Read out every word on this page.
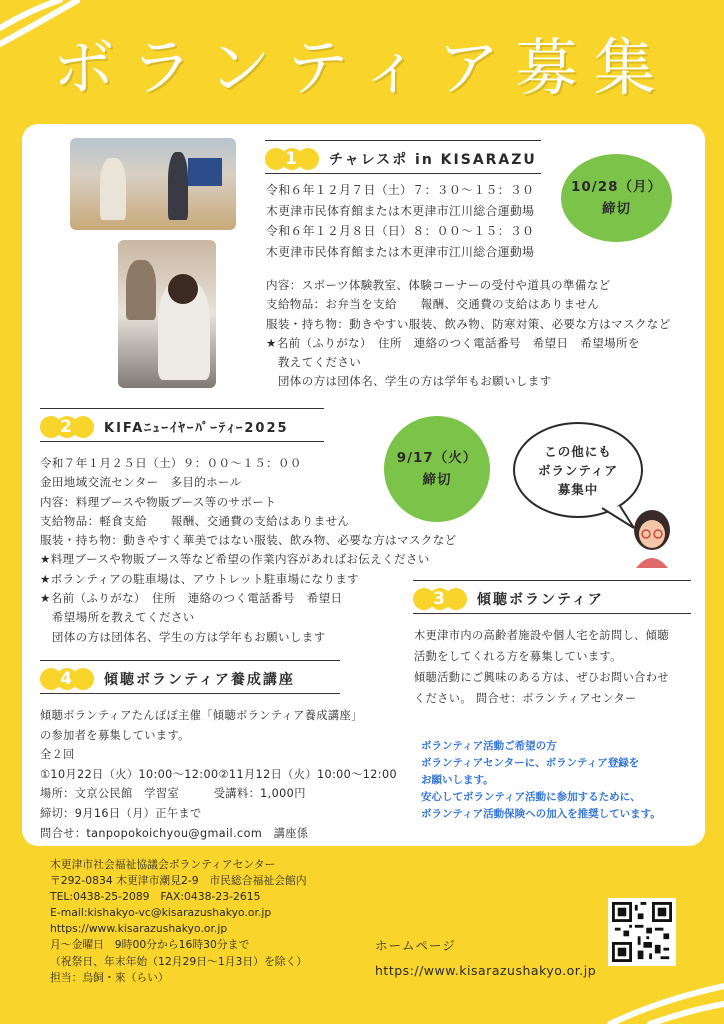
ボランティア募集
1	チャレスポ in KISARAZU
令和６年１２月７日（土）７：３０～１５：３０
木更津市民体育館または木更津市江川総合運動場
令和６年１２月８日（日）８：００～１５：３０
木更津市民体育館または木更津市江川総合運動場
10/28（月）
締切
内容：スポーツ体験教室、体験コーナーの受付や道具の準備など
支給物品：お弁当を支給　　報酬、交通費の支給はありません
服装・持ち物：動きやすい服装、飲み物、防寒対策、必要な方はマスクなど
★名前（ふりがな）　住所　連絡のつく電話番号　希望日　希望場所を
　教えてください
　団体の方は団体名、学生の方は学年もお願いします
2	KIFAﾆｭｰｲﾔｰﾊﾟｰﾃｨｰ2025
9/17（火）
締切
令和７年１月２５日（土）９：００～１５：００
金田地域交流センター　多目的ホール
内容：料理ブースや物販ブース等のサポート
支給物品：軽食支給　　報酬、交通費の支給はありません
服装・持ち物：動きやすく華美ではない服装、飲み物、必要な方はマスクなど
★料理ブースや物販ブース等など希望の作業内容があればお伝えください
★ボランティアの駐車場は、アウトレット駐車場になります
★名前（ふりがな）　住所　連絡のつく電話番号　希望日
　希望場所を教えてください
　団体の方は団体名、学生の方は学年もお願いします
この他にも
ボランティア
募集中
3	傾聴ボランティア
木更津市内の高齢者施設や個人宅を訪問し、傾聴
活動をしてくれる方を募集しています。
傾聴活動にご興味のある方は、ぜひお問い合わせ
ください。 問合せ：ボランティアセンター
4	傾聴ボランティア養成講座
傾聴ボランティアたんぽぽ主催「傾聴ボランティア養成講座」
の参加者を募集しています。
全２回
①10月22日（火）10:00～12:00②11月12日（火）10:00～12:00
場所：文京公民館　学習室　　　受講料：1,000円
締切：9月16日（月）正午まで
問合せ：tanpopokoichyou@gmail.com　講座係
ボランティア活動ご希望の方
ボランティアセンターに、ボランティア登録を
お願いします。
安心してボランティア活動に参加するために、
ボランティア活動保険への加入を推奨しています。
木更津市社会福祉協議会ボランティアセンター
〒292-0834 木更津市潮見2-9　市民総合福祉会館内
TEL:0438-25-2089　FAX:0438-23-2615
E-mail:kishakyo-vc@kisarazushakyo.or.jp
https://www.kisarazushakyo.or.jp
月～金曜日　9時00分から16時30分まで
（祝祭日、年末年始（12月29日～1月3日）を除く）
担当：烏飼・來（らい）
ホームページ
https://www.kisarazushakyo.or.jp
